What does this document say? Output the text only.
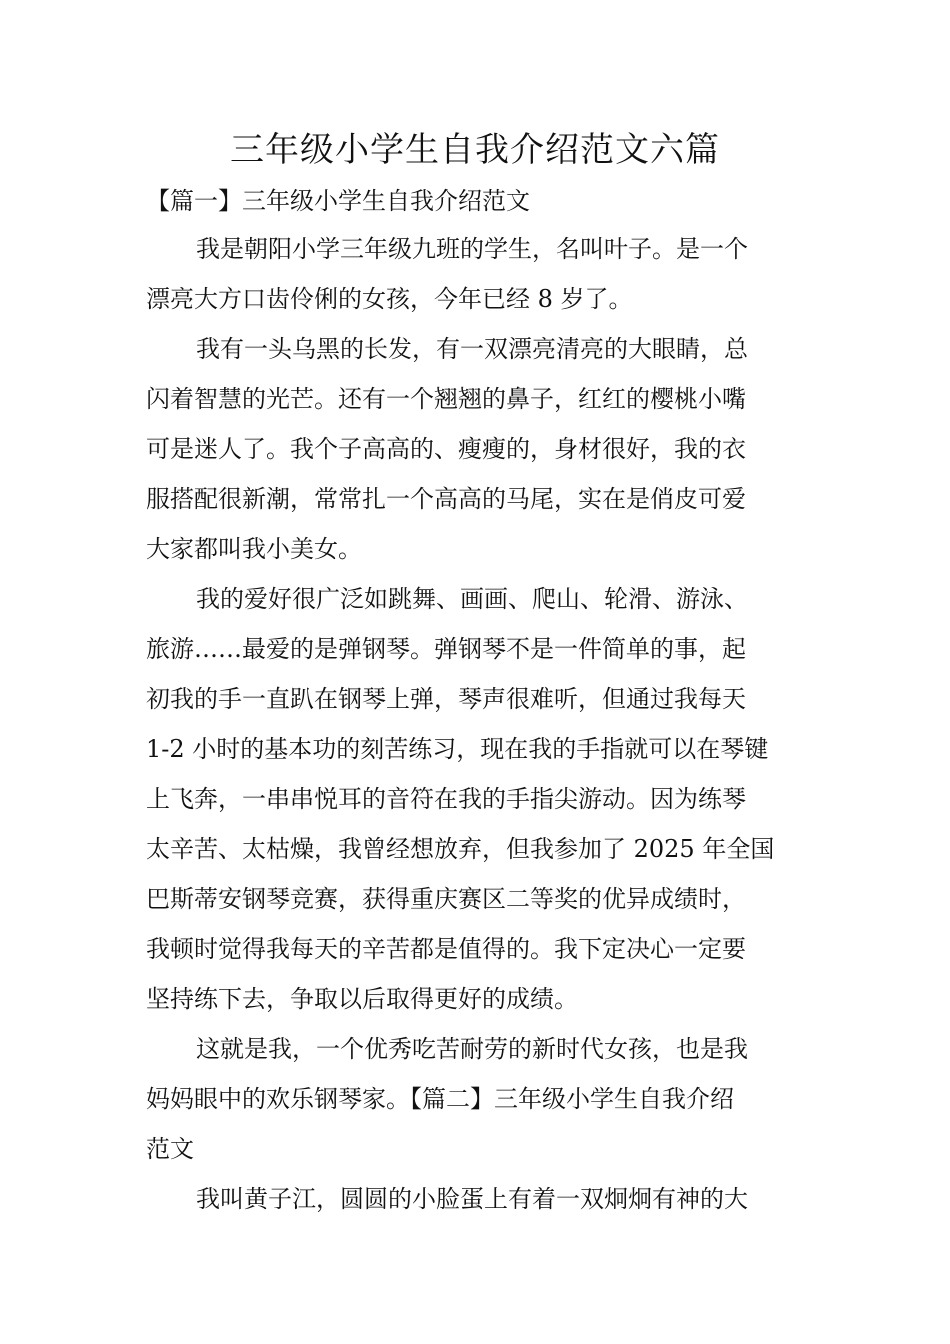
三年级小学生自我介绍范文六篇

【篇一】三年级小学生自我介绍范文

我是朝阳小学三年级九班的学生，名叫叶子。是一个

漂亮大方口齿伶俐的女孩，今年已经 8 岁了。

我有一头乌黑的长发，有一双漂亮清亮的大眼睛，总

闪着智慧的光芒。还有一个翘翘的鼻子，红红的樱桃小嘴

可是迷人了。我个子高高的、瘦瘦的，身材很好，我的衣

服搭配很新潮，常常扎一个高高的马尾，实在是俏皮可爱

大家都叫我小美女。

我的爱好很广泛如跳舞、画画、爬山、轮滑、游泳、

旅游……最爱的是弹钢琴。弹钢琴不是一件简单的事，起

初我的手一直趴在钢琴上弹，琴声很难听，但通过我每天

1-2 小时的基本功的刻苦练习，现在我的手指就可以在琴键

上飞奔，一串串悦耳的音符在我的手指尖游动。因为练琴

太辛苦、太枯燥，我曾经想放弃，但我参加了 2025 年全国

巴斯蒂安钢琴竞赛，获得重庆赛区二等奖的优异成绩时，

我顿时觉得我每天的辛苦都是值得的。我下定决心一定要

坚持练下去，争取以后取得更好的成绩。

这就是我，一个优秀吃苦耐劳的新时代女孩，也是我

妈妈眼中的欢乐钢琴家。【篇二】三年级小学生自我介绍

范文

我叫黄子江，圆圆的小脸蛋上有着一双炯炯有神的大
